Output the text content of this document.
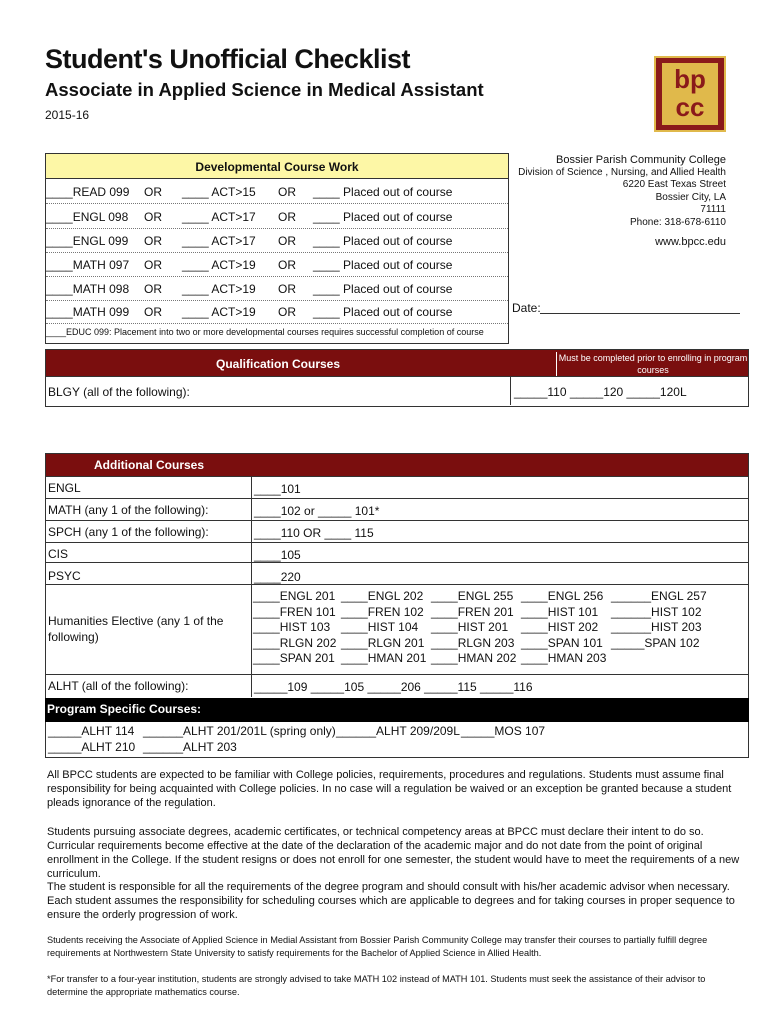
Student's Unofficial Checklist
Associate in Applied Science in Medical Assistant
2015-16
bp
cc
Developmental Course Work
____READ 099 OR ____ ACT>15 OR ____ Placed out of course
____ENGL 098 OR ____ ACT>17 OR ____ Placed out of course
____ENGL 099 OR ____ ACT>17 OR ____ Placed out of course
____MATH 097 OR ____ ACT>19 OR ____ Placed out of course
____MATH 098 OR ____ ACT>19 OR ____ Placed out of course
____MATH 099 OR ____ ACT>19 OR ____ Placed out of course
____EDUC 099: Placement into two or more developmental courses requires successful completion of course
Bossier Parish Community College
Division of Science , Nursing, and Allied Health
6220 East Texas Street
Bossier City, LA
71111
Phone: 318-678-6110
www.bpcc.edu
Date:
Qualification Courses	Must be completed prior to enrolling in program courses
BLGY (all of the following):	_____110 _____120 _____120L
Additional Courses
ENGL	____101
MATH (any 1 of the following):	____102 or _____ 101*
SPCH (any 1 of the following):	____110 OR ____ 115
CIS	____105
PSYC	____220
Humanities Elective (any 1 of the following)
____ENGL 201 ____ENGL 202 ____ENGL 255 ____ENGL 256 ______ENGL 257
____FREN 101 ____FREN 102 ____FREN 201 ____HIST 101 ______HIST 102
____HIST 103 ____HIST 104 ____HIST 201 ____HIST 202 ______HIST 203
____RLGN 202 ____RLGN 201 ____RLGN 203 ____SPAN 101 _____SPAN 102
____SPAN 201 ____HMAN 201 ____HMAN 202 ____HMAN 203
ALHT (all of the following):	_____109 _____105 _____206 _____115 _____116
Program Specific Courses:
_____ALHT 114 ______ALHT 201/201L (spring only) ______ALHT 209/209L _____MOS 107
_____ALHT 210 ______ALHT 203
All BPCC students are expected to be familiar with College policies, requirements, procedures and regulations. Students must assume final responsibility for being acquainted with College policies. In no case will a regulation be waived or an exception be granted because a student pleads ignorance of the regulation.
Students pursuing associate degrees, academic certificates, or technical competency areas at BPCC must declare their intent to do so. Curricular requirements become effective at the date of the declaration of the academic major and do not date from the point of original enrollment in the College. If the student resigns or does not enroll for one semester, the student would have to meet the requirements of a new curriculum.
The student is responsible for all the requirements of the degree program and should consult with his/her academic advisor when necessary. Each student assumes the responsibility for scheduling courses which are applicable to degrees and for taking courses in proper sequence to ensure the orderly progression of work.
Students receiving the Associate of Applied Science in Medial Assistant from Bossier Parish Community College may transfer their courses to partially fulfill degree requirements at Northwestern State University to satisfy requirements for the Bachelor of Applied Science in Allied Health.
*For transfer to a four-year institution, students are strongly advised to take MATH 102 instead of MATH 101. Students must seek the assistance of their advisor to determine the appropriate mathematics course.
